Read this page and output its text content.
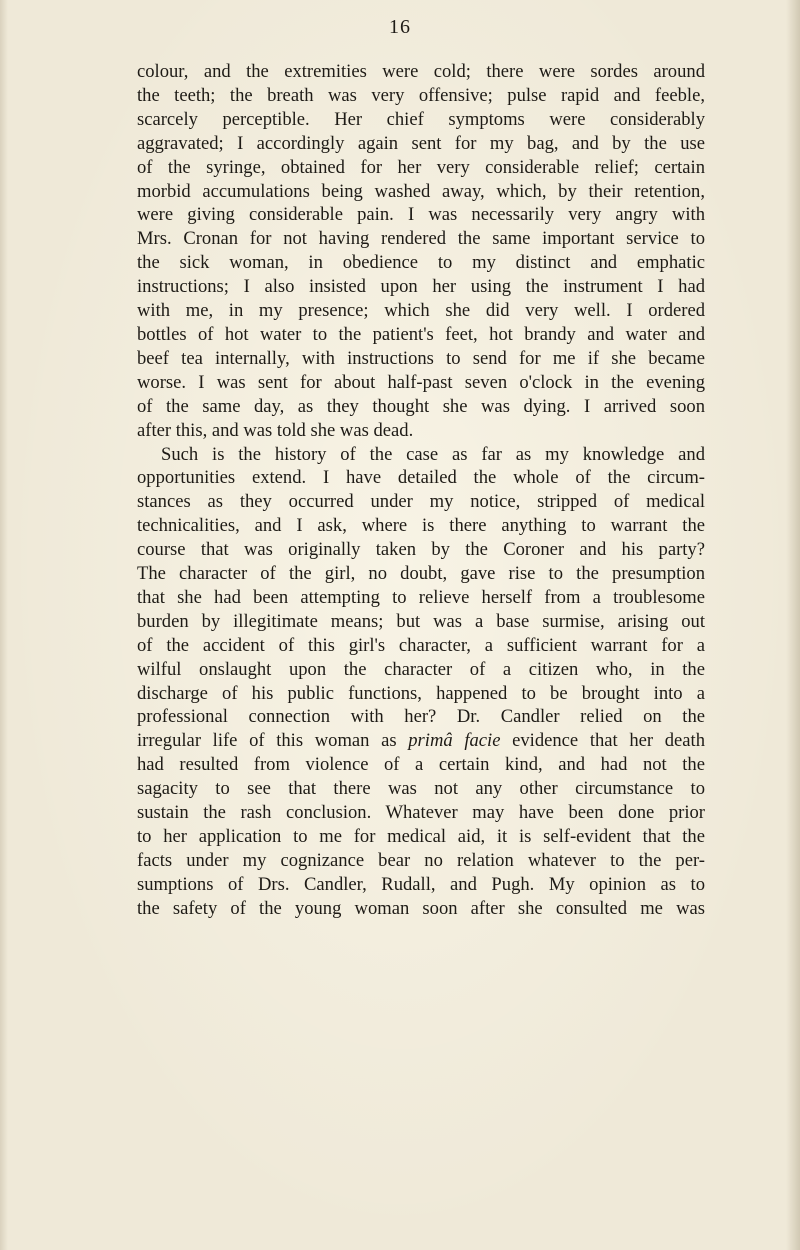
16
colour, and the extremities were cold; there were sordes around
the teeth; the breath was very offensive; pulse rapid and feeble,
scarcely perceptible. Her chief symptoms were considerably
aggravated; I accordingly again sent for my bag, and by the use
of the syringe, obtained for her very considerable relief; certain
morbid accumulations being washed away, which, by their retention,
were giving considerable pain. I was necessarily very angry with
Mrs. Cronan for not having rendered the same important service to
the sick woman, in obedience to my distinct and emphatic
instructions; I also insisted upon her using the instrument I had
with me, in my presence; which she did very well. I ordered
bottles of hot water to the patient's feet, hot brandy and water and
beef tea internally, with instructions to send for me if she became
worse. I was sent for about half-past seven o'clock in the evening
of the same day, as they thought she was dying. I arrived soon
after this, and was told she was dead.
Such is the history of the case as far as my knowledge and
opportunities extend. I have detailed the whole of the circum-
stances as they occurred under my notice, stripped of medical
technicalities, and I ask, where is there anything to warrant the
course that was originally taken by the Coroner and his party?
The character of the girl, no doubt, gave rise to the presumption
that she had been attempting to relieve herself from a troublesome
burden by illegitimate means; but was a base surmise, arising out
of the accident of this girl's character, a sufficient warrant for a
wilful onslaught upon the character of a citizen who, in the
discharge of his public functions, happened to be brought into a
professional connection with her? Dr. Candler relied on the
irregular life of this woman as primâ facie evidence that her death
had resulted from violence of a certain kind, and had not the
sagacity to see that there was not any other circumstance to
sustain the rash conclusion. Whatever may have been done prior
to her application to me for medical aid, it is self-evident that the
facts under my cognizance bear no relation whatever to the per-
sumptions of Drs. Candler, Rudall, and Pugh. My opinion as to
the safety of the young woman soon after she consulted me was
